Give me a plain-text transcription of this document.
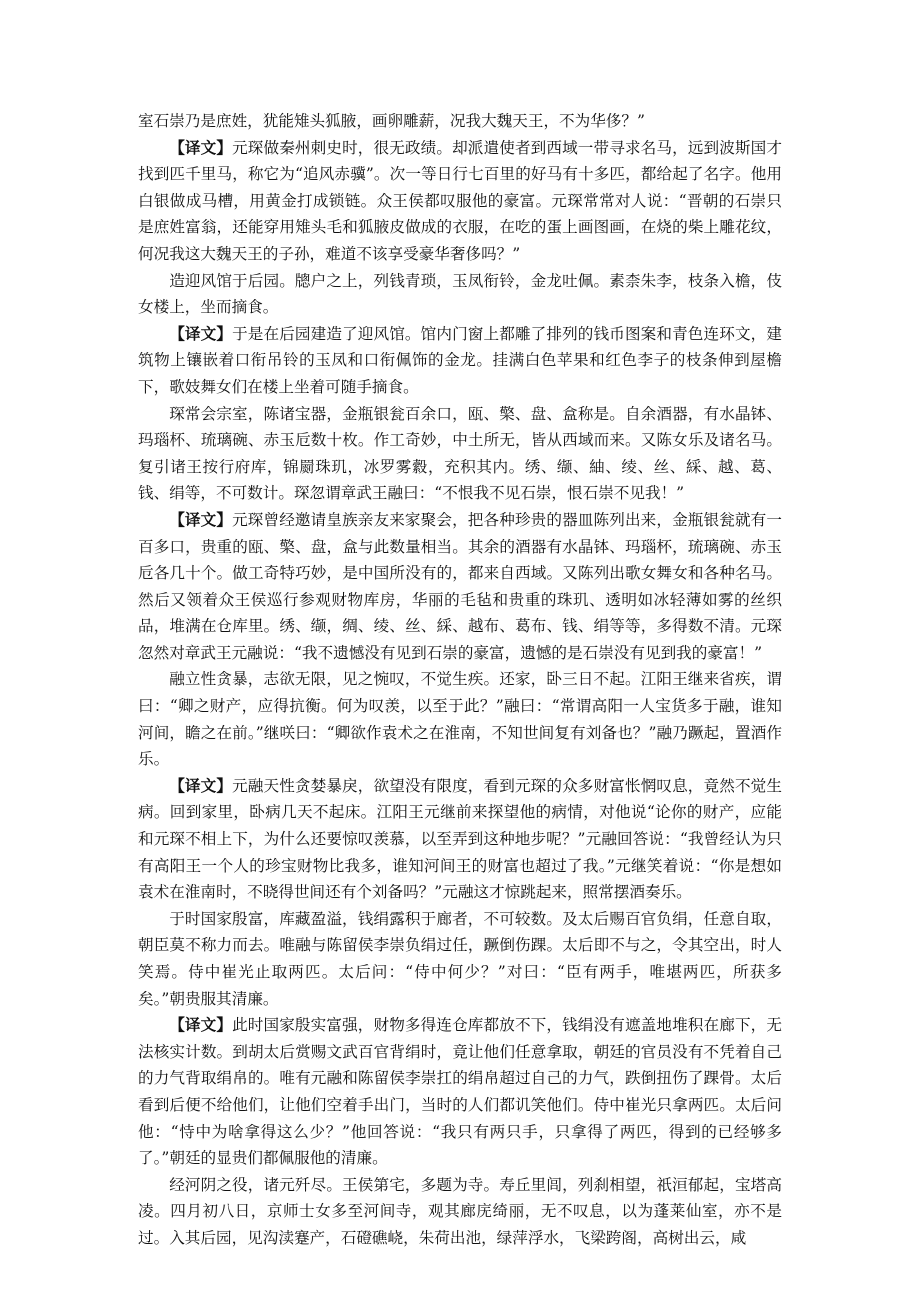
室石崇乃是庶姓，犹能雉头狐腋，画卵雕薪，况我大魏天王，不为华侈？”

【译文】元琛做秦州刺史时，很无政绩。却派遣使者到西域一带寻求名马，远到波斯国才找到匹千里马，称它为“追风赤骥”。次一等日行七百里的好马有十多匹，都给起了名字。他用白银做成马槽，用黄金打成锁链。众王侯都叹服他的豪富。元琛常常对人说：“晋朝的石崇只是庶姓富翁，还能穿用雉头毛和狐腋皮做成的衣服，在吃的蛋上画图画，在烧的柴上雕花纹，何况我这大魏天王的子孙，难道不该享受豪华奢侈吗？”

造迎风馆于后园。牕户之上，列钱青琐，玉凤衔铃，金龙吐佩。素柰朱李，枝条入檐，伎女楼上，坐而摘食。

【译文】于是在后园建造了迎风馆。馆内门窗上都雕了排列的钱币图案和青色连环文，建筑物上镶嵌着口衔吊铃的玉凤和口衔佩饰的金龙。挂满白色苹果和红色李子的枝条伸到屋檐下，歌妓舞女们在楼上坐着可随手摘食。

琛常会宗室，陈诸宝器，金瓶银瓮百余口，瓯、檠、盘、盒称是。自余酒器，有水晶钵、玛瑙杯、琉璃碗、赤玉卮数十枚。作工奇妙，中土所无，皆从西域而来。又陈女乐及诸名马。复引诸王按行府库，锦罽珠玑，冰罗雾縠，充积其内。绣、缬、紬、绫、丝、綵、越、葛、钱、绢等，不可数计。琛忽谓章武王融曰：“不恨我不见石崇，恨石崇不见我！”

【译文】元琛曾经邀请皇族亲友来家聚会，把各种珍贵的器皿陈列出来，金瓶银瓮就有一百多口，贵重的瓯、檠、盘，盒与此数量相当。其余的酒器有水晶钵、玛瑙杯，琉璃碗、赤玉卮各几十个。做工奇特巧妙，是中国所没有的，都来自西域。又陈列出歌女舞女和各种名马。然后又领着众王侯巡行参观财物库房，华丽的毛毡和贵重的珠玑、透明如冰轻薄如雾的丝织品，堆满在仓库里。绣、缬，绸、绫、丝、綵、越布、葛布、钱、绢等等，多得数不清。元琛忽然对章武王元融说：“我不遗憾没有见到石崇的豪富，遗憾的是石崇没有见到我的豪富！”

融立性贪暴，志欲无限，见之惋叹，不觉生疾。还家，卧三日不起。江阳王继来省疾，谓曰：“卿之财产，应得抗衡。何为叹羡，以至于此？”融曰：“常谓高阳一人宝货多于融，谁知河间，瞻之在前。”继咲曰：“卿欲作袁术之在淮南，不知世间复有刘备也？”融乃蹶起，置酒作乐。

【译文】元融天性贪婪暴戾，欲望没有限度，看到元琛的众多财富怅惘叹息，竟然不觉生病。回到家里，卧病几天不起床。江阳王元继前来探望他的病情，对他说“论你的财产，应能和元琛不相上下，为什么还要惊叹羡慕，以至弄到这种地步呢？”元融回答说：“我曾经认为只有高阳王一个人的珍宝财物比我多，谁知河间王的财富也超过了我。”元继笑着说：“你是想如袁术在淮南时，不晓得世间还有个刘备吗？”元融这才惊跳起来，照常摆酒奏乐。

于时国家殷富，库藏盈溢，钱绢露积于廊者，不可较数。及太后赐百官负绢，任意自取，朝臣莫不称力而去。唯融与陈留侯李崇负绢过任，蹶倒伤踝。太后即不与之，令其空出，时人笑焉。侍中崔光止取两匹。太后问：“侍中何少？”对曰：“臣有两手，唯堪两匹，所获多矣。”朝贵服其清廉。

【译文】此时国家殷实富强，财物多得连仓库都放不下，钱绢没有遮盖地堆积在廊下，无法核实计数。到胡太后赏赐文武百官背绢时，竟让他们任意拿取，朝廷的官员没有不凭着自己的力气背取绢帛的。唯有元融和陈留侯李崇扛的绢帛超过自己的力气，跌倒扭伤了踝骨。太后看到后便不给他们，让他们空着手出门，当时的人们都讥笑他们。侍中崔光只拿两匹。太后问他：“恃中为啥拿得这么少？”他回答说：“我只有两只手，只拿得了两匹，得到的已经够多了。”朝廷的显贵们都佩服他的清廉。

经河阴之役，诸元歼尽。王侯第宅，多题为寺。寿丘里闾，列刹相望，祇洹郁起，宝塔高凌。四月初八日，京师士女多至河间寺，观其廊庑绮丽，无不叹息，以为蓬莱仙室，亦不是过。入其后园，见沟渎蹇产，石磴礁峣，朱荷出池，绿萍浮水，飞梁跨阁，高树出云，咸
